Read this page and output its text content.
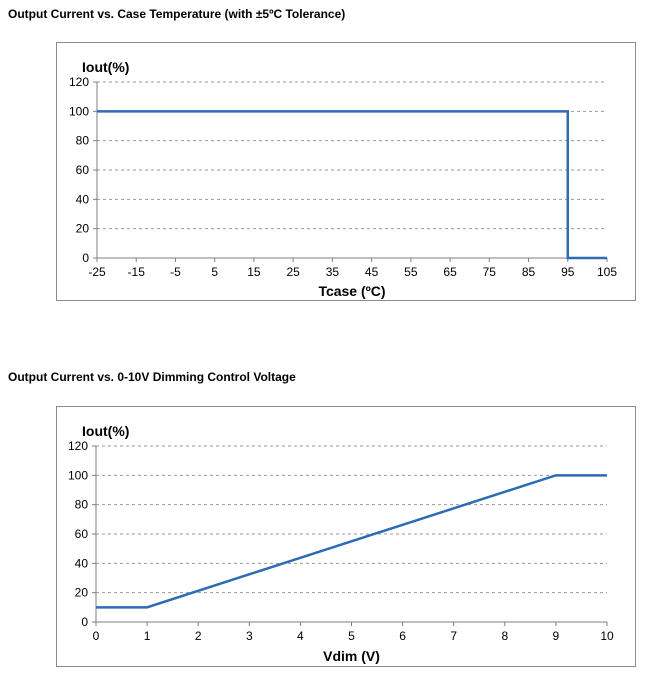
Output Current vs. Case Temperature (with ±5ºC Tolerance)
0
20
40
60
80
100
120
-25 -15 -5	5 15 25 35 45 55 65 75 85 95 105
Iout(%)
Tcase (ºC)
Output Current vs. 0-10V Dimming Control Voltage
0
20
40
60
80
100
120
0	1	2	3	4	5	6	7	8	9	10
Iout(%)
Vdim (V)
